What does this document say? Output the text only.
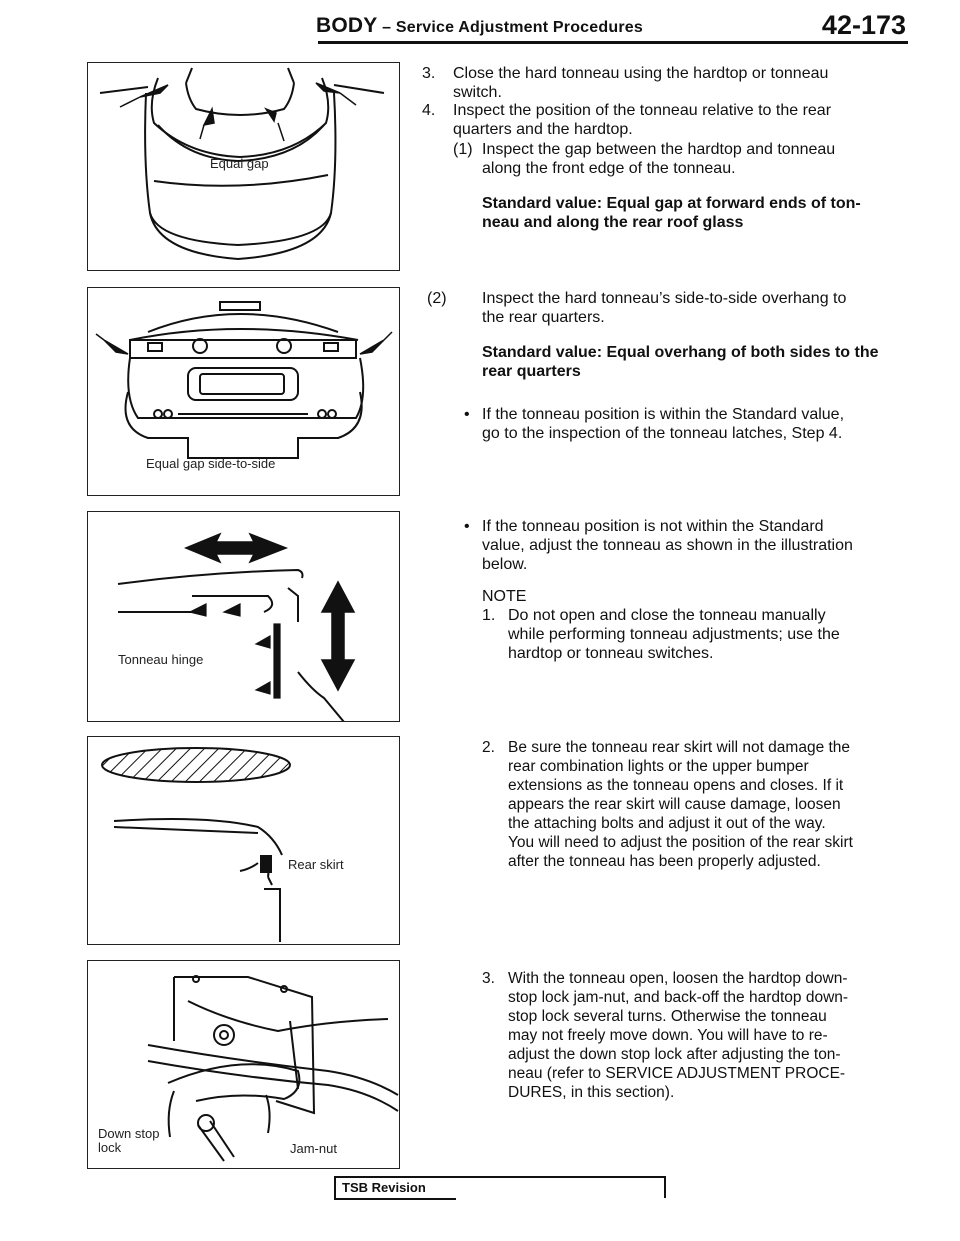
BODY – Service Adjustment Procedures	42-173
Equal gap
Equal gap side-to-side
Tonneau hinge
Rear skirt
Down stop
lock	Jam-nut
3. Close the hard tonneau using the hardtop or tonneau
switch.
4. Inspect the position of the tonneau relative to the rear
quarters and the hardtop.
(1) Inspect the gap between the hardtop and tonneau
along the front edge of the tonneau.
Standard value: Equal gap at forward ends of ton-
neau and along the rear roof glass
(2) Inspect the hard tonneau’s side-to-side overhang to
the rear quarters.
Standard value: Equal overhang of both sides to the
rear quarters
• If the tonneau position is within the Standard value,
go to the inspection of the tonneau latches, Step 4.
• If the tonneau position is not within the Standard
value, adjust the tonneau as shown in the illustration
below.
NOTE
1. Do not open and close the tonneau manually
while performing tonneau adjustments; use the
hardtop or tonneau switches.
2. Be sure the tonneau rear skirt will not damage the
rear combination lights or the upper bumper
extensions as the tonneau opens and closes. If it
appears the rear skirt will cause damage, loosen
the attaching bolts and adjust it out of the way.
You will need to adjust the position of the rear skirt
after the tonneau has been properly adjusted.
3. With the tonneau open, loosen the hardtop down-
stop lock jam-nut, and back-off the hardtop down-
stop lock several turns. Otherwise the tonneau
may not freely move down. You will have to re-
adjust the down stop lock after adjusting the ton-
neau (refer to SERVICE ADJUSTMENT PROCE-
DURES, in this section).
TSB Revision
